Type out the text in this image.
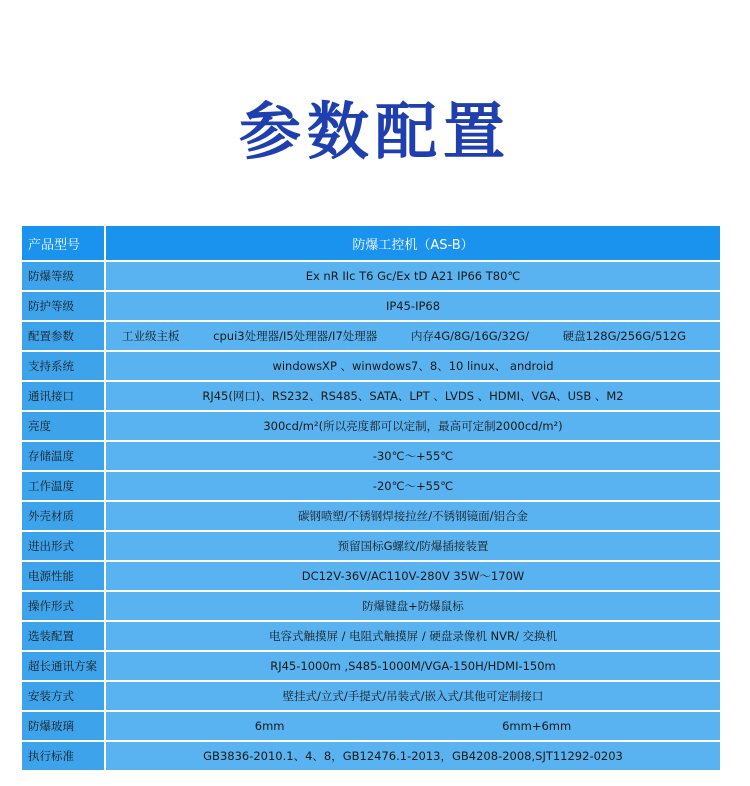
参数配置
产品型号	防爆工控机（AS-B）
防爆等级	Ex nR IIc T6 Gc/Ex tD A21 IP66 T80℃
防护等级	IP45-IP68
配置参数	工业级主板 cpui3处理器/I5处理器/I7处理器 内存4G/8G/16G/32G/ 硬盘128G/256G/512G

支持系统	windowsXP 、winwdows7、8、10 linux、 android
通讯接口	RJ45(网口)、RS232、RS485、SATA、LPT 、LVDS 、HDMI、VGA、USB 、M2
亮度	300cd/m²(所以亮度都可以定制，最高可定制2000cd/m²)
存储温度	-30℃～+55℃
工作温度	-20℃～+55℃
外壳材质	碳钢喷塑/不锈钢焊接拉丝/不锈钢镜面/铝合金
进出形式	预留国标G螺纹/防爆插接装置
电源性能	DC12V-36V/AC110V-280V 35W～170W
操作形式	防爆键盘+防爆鼠标
选装配置	电容式触摸屏 / 电阻式触摸屏 / 硬盘录像机 NVR/ 交换机
超长通讯方案	RJ45-1000m ,S485-1000M/VGA-150H/HDMI-150m
安装方式	壁挂式/立式/手提式/吊装式/嵌入式/其他可定制接口
防爆玻璃	6mm 6mm+6mm

执行标准	GB3836-2010.1、4、8，GB12476.1-2013，GB4208-2008,SJT11292-0203
